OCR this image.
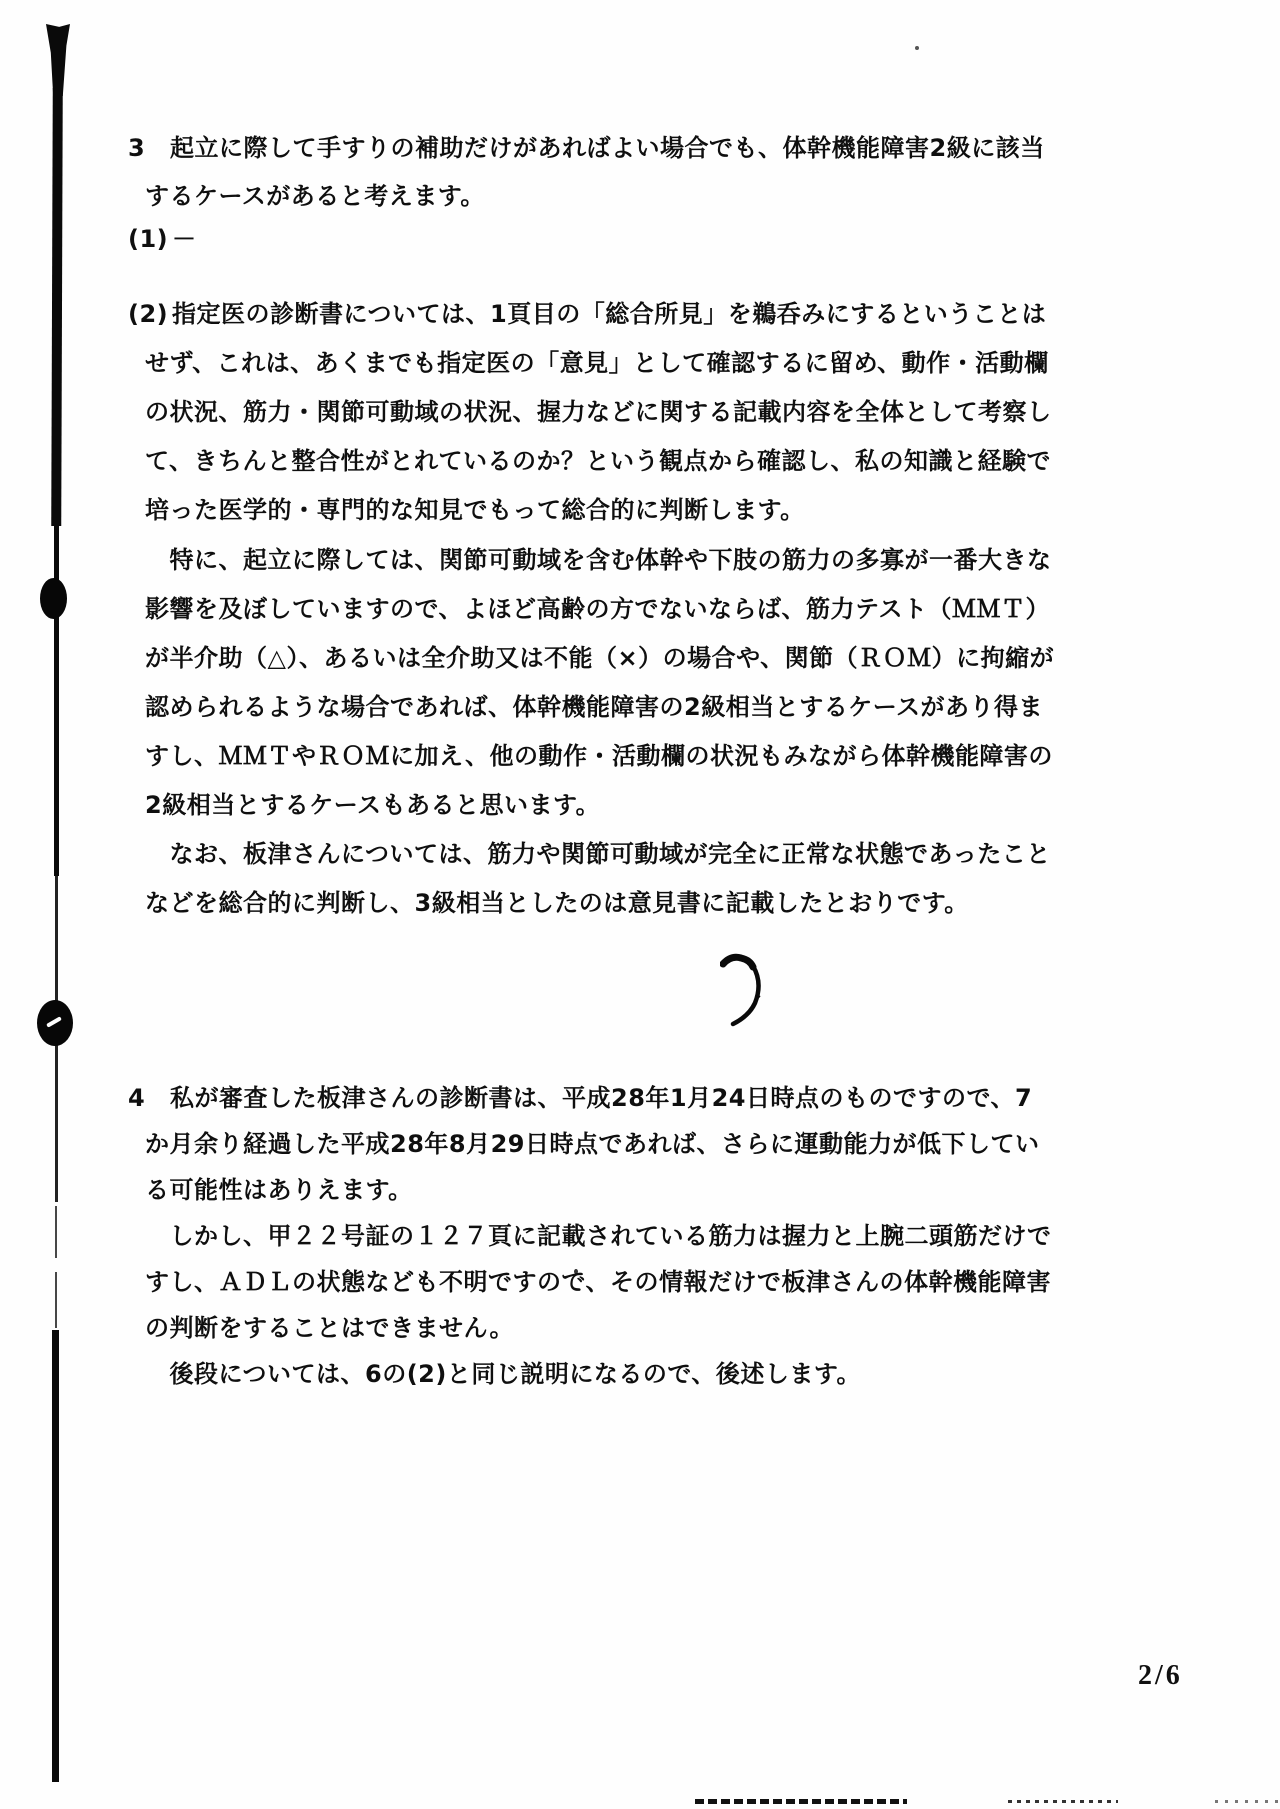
3 起立に際して手すりの補助だけがあればよい場合でも、体幹機能障害2級に該当
するケースがあると考えます。
(1) －
(2) 指定医の診断書については、1頁目の「総合所見」を鵜呑みにするということは
せず、これは、あくまでも指定医の「意見」として確認するに留め、動作・活動欄
の状況、筋力・関節可動域の状況、握力などに関する記載内容を全体として考察し
て、きちんと整合性がとれているのか？という観点から確認し、私の知識と経験で
培った医学的・専門的な知見でもって総合的に判断します。
　特に、起立に際しては、関節可動域を含む体幹や下肢の筋力の多寡が一番大きな
影響を及ぼしていますので、よほど高齢の方でないならば、筋力テスト（ＭＭＴ）
が半介助（△）、あるいは全介助又は不能（×）の場合や、関節（ＲＯＭ）に拘縮が
認められるような場合であれば、体幹機能障害の2級相当とするケースがあり得ま
すし、ＭＭＴやＲＯＭに加え、他の動作・活動欄の状況もみながら体幹機能障害の
2級相当とするケースもあると思います。
　なお、板津さんについては、筋力や関節可動域が完全に正常な状態であったこと
などを総合的に判断し、3級相当としたのは意見書に記載したとおりです。
4 私が審査した板津さんの診断書は、平成28年1月24日時点のものですので、7
か月余り経過した平成28年8月29日時点であれば、さらに運動能力が低下してい
る可能性はありえます。
　しかし、甲２２号証の１２７頁に記載されている筋力は握力と上腕二頭筋だけで
すし、ＡＤＬの状態なども不明ですので、その情報だけで板津さんの体幹機能障害
の判断をすることはできません。
　後段については、6の(2)と同じ説明になるので、後述します。
2/6
